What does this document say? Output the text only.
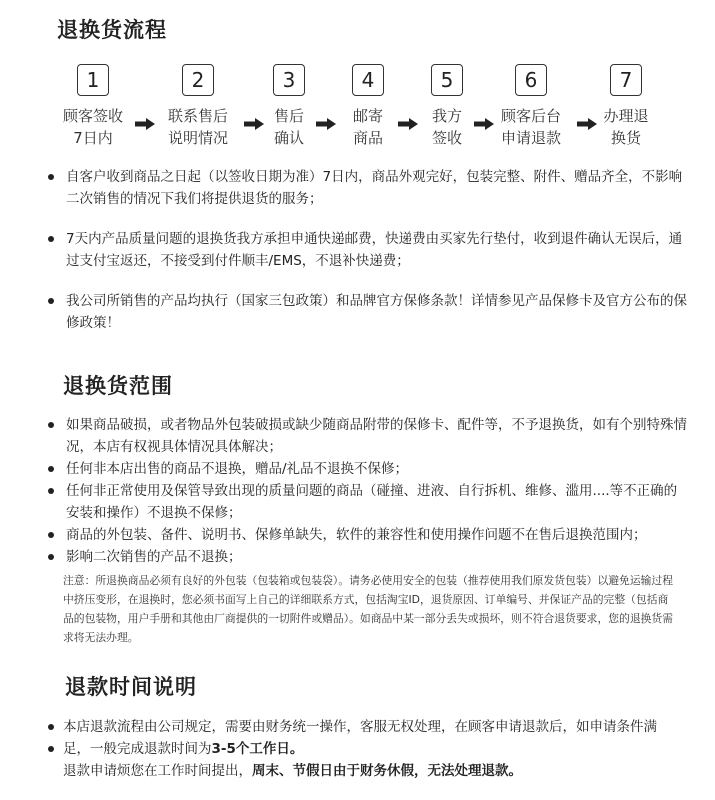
退换货流程
1
顾客签收
7日内
2
联系售后
说明情况
3
售后
确认
4
邮寄
商品
5
我方
签收
6
顾客后台
申请退款
7
办理退
换货
自客户收到商品之日起（以签收日期为准）7日内，商品外观完好，包装完整、附件、赠品齐全，不影响二次销售的情况下我们将提供退货的服务；
7天内产品质量问题的退换货我方承担申通快递邮费，快递费由买家先行垫付，收到退件确认无误后，通过支付宝返还，不接受到付件顺丰/EMS，不退补快递费；
我公司所销售的产品均执行（国家三包政策）和品牌官方保修条款！详情参见产品保修卡及官方公布的保修政策！
退换货范围
如果商品破损，或者物品外包装破损或缺少随商品附带的保修卡、配件等，不予退换货，如有个别特殊情况，本店有权视具体情况具体解决；
任何非本店出售的商品不退换，赠品/礼品不退换不保修；
任何非正常使用及保管导致出现的质量问题的商品（碰撞、进液、自行拆机、维修、滥用....等不正确的安装和操作）不退换不保修；
商品的外包装、备件、说明书、保修单缺失，软件的兼容性和使用操作问题不在售后退换范围内；
影响二次销售的产品不退换；

注意：所退换商品必须有良好的外包装（包装箱或包装袋）。请务必使用安全的包装（推荐使用我们原发货包装）以避免运输过程中挤压变形，在退换时，您必须书面写上自己的详细联系方式，包括淘宝ID，退货原因、订单编号、并保证产品的完整（包括商品的包装物，用户手册和其他由厂商提供的一切附件或赠品）。如商品中某一部分丢失或损坏，则不符合退货要求，您的退换货需求将无法办理。

退款时间说明

本店退款流程由公司规定，需要由财务统一操作，客服无权处理，在顾客申请退款后，如申请条件满

足，一般完成退款时间为3-5个工作日。

退款申请烦您在工作时间提出，周末、节假日由于财务休假，无法处理退款。
